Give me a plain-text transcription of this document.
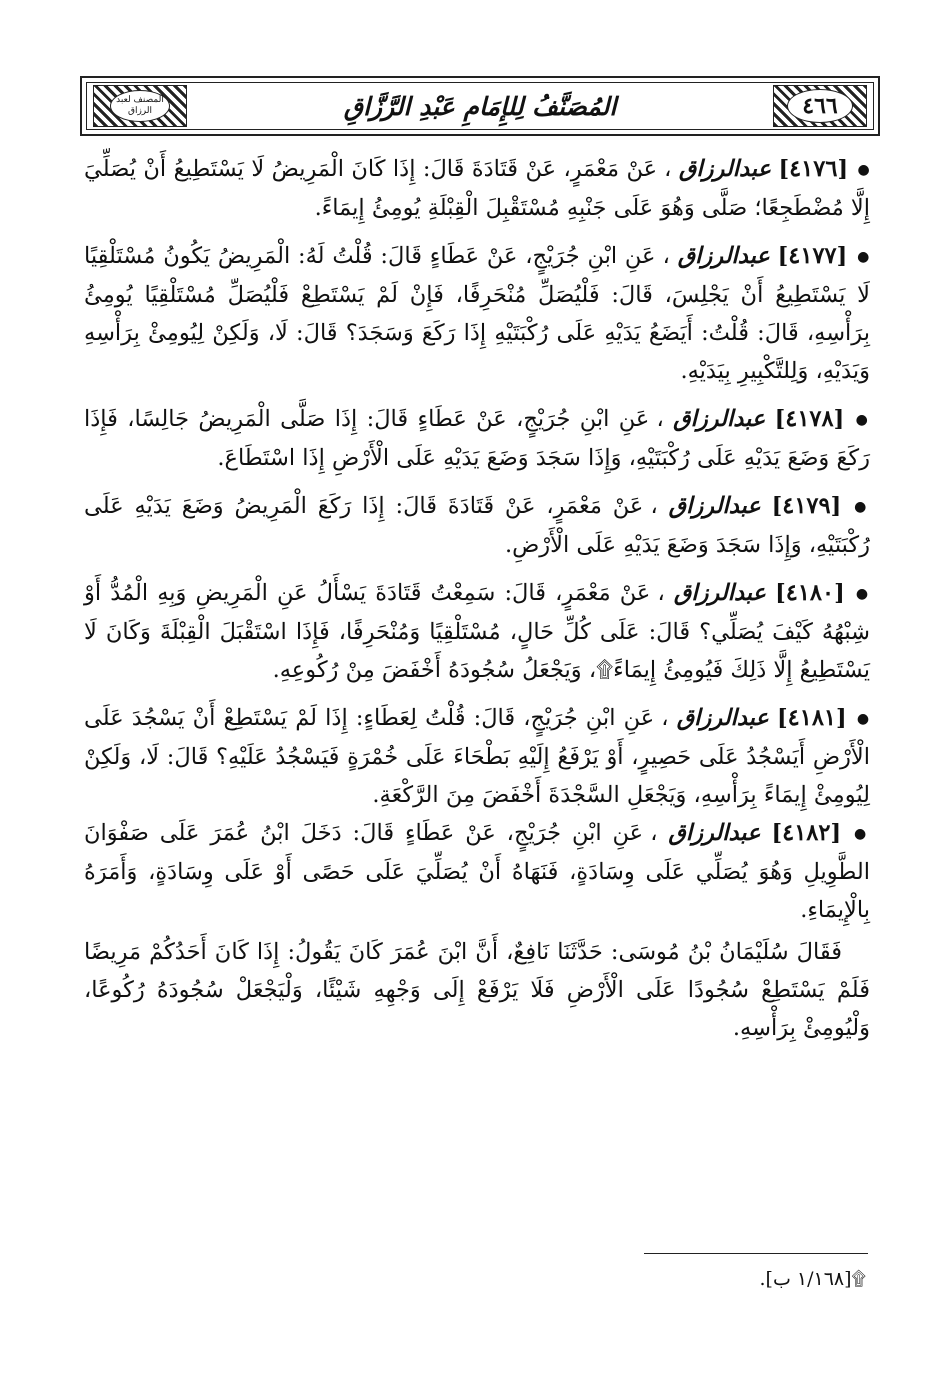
٤٦٦
المُصَنَّفُ لِلإِمَامِ عَبْدِ الرَّزَّاقِ
المصنف لعبد الرزاق

● [٤١٧٦] عبدالرزاق ، عَنْ مَعْمَرٍ، عَنْ قَتَادَةَ قَالَ: إِذَا كَانَ الْمَرِيضُ لَا يَسْتَطِيعُ أَنْ يُصَلِّيَ إِلَّا مُضْطَجِعًا؛ صَلَّى وَهُوَ عَلَى جَنْبِهِ مُسْتَقْبِلَ الْقِبْلَةِ يُومِئُ إِيمَاءً.

● [٤١٧٧] عبدالرزاق ، عَنِ ابْنِ جُرَيْجٍ، عَنْ عَطَاءٍ قَالَ: قُلْتُ لَهُ: الْمَرِيضُ يَكُونُ مُسْتَلْقِيًا لَا يَسْتَطِيعُ أَنْ يَجْلِسَ، قَالَ: فَلْيُصَلِّ مُنْحَرِفًا، فَإِنْ لَمْ يَسْتَطِعْ فَلْيُصَلِّ مُسْتَلْقِيًا يُومِئُ بِرَأْسِهِ، قَالَ: قُلْتُ: أَيَضَعُ يَدَيْهِ عَلَى رُكْبَتَيْهِ إِذَا رَكَعَ وَسَجَدَ؟ قَالَ: لَا، وَلَكِنْ لِيُومِئْ بِرَأْسِهِ وَيَدَيْهِ، وَلِلتَّكْبِيرِ بِيَدَيْهِ.

● [٤١٧٨] عبدالرزاق ، عَنِ ابْنِ جُرَيْجٍ، عَنْ عَطَاءٍ قَالَ: إِذَا صَلَّى الْمَرِيضُ جَالِسًا، فَإِذَا رَكَعَ وَضَعَ يَدَيْهِ عَلَى رُكْبَتَيْهِ، وَإِذَا سَجَدَ وَضَعَ يَدَيْهِ عَلَى الْأَرْضِ إِذَا اسْتَطَاعَ.

● [٤١٧٩] عبدالرزاق ، عَنْ مَعْمَرٍ، عَنْ قَتَادَةَ قَالَ: إِذَا رَكَعَ الْمَرِيضُ وَضَعَ يَدَيْهِ عَلَى رُكْبَتَيْهِ، وَإِذَا سَجَدَ وَضَعَ يَدَيْهِ عَلَى الْأَرْضِ.

● [٤١٨٠] عبدالرزاق ، عَنْ مَعْمَرٍ، قَالَ: سَمِعْتُ قَتَادَةَ يَسْأَلُ عَنِ الْمَرِيضِ وَبِهِ الْمُدُّ أَوْ شِبْهُهُ كَيْفَ يُصَلِّي؟ قَالَ: عَلَى كُلِّ حَالٍ، مُسْتَلْقِيًا وَمُنْحَرِفًا، فَإِذَا اسْتَقْبَلَ الْقِبْلَةَ وَكَانَ لَا يَسْتَطِيعُ إِلَّا ذَلِكَ فَيُومِئُ إِيمَاءً۩، وَيَجْعَلُ سُجُودَهُ أَخْفَضَ مِنْ رُكُوعِهِ.

● [٤١٨١] عبدالرزاق ، عَنِ ابْنِ جُرَيْجٍ، قَالَ: قُلْتُ لِعَطَاءٍ: إِذَا لَمْ يَسْتَطِعْ أَنْ يَسْجُدَ عَلَى الْأَرْضِ أَيَسْجُدُ عَلَى حَصِيرٍ، أَوْ يَرْفَعُ إِلَيْهِ بَطْحَاءَ عَلَى خُمْرَةٍ فَيَسْجُدُ عَلَيْهِ؟ قَالَ: لَا، وَلَكِنْ لِيُومِئْ إِيمَاءً بِرَأْسِهِ، وَيَجْعَلِ السَّجْدَةَ أَخْفَضَ مِنَ الرَّكْعَةِ.

● [٤١٨٢] عبدالرزاق ، عَنِ ابْنِ جُرَيْجٍ، عَنْ عَطَاءٍ قَالَ: دَخَلَ ابْنُ عُمَرَ عَلَى صَفْوَانَ الطَّوِيلِ وَهُوَ يُصَلِّي عَلَى وِسَادَةٍ، فَنَهَاهُ أَنْ يُصَلِّيَ عَلَى حَصًى أَوْ عَلَى وِسَادَةٍ، وَأَمَرَهُ بِالْإِيمَاءِ.

فَقَالَ سُلَيْمَانُ بْنُ مُوسَى: حَدَّثَنَا نَافِعٌ، أَنَّ ابْنَ عُمَرَ كَانَ يَقُولُ: إِذَا كَانَ أَحَدُكُمْ مَرِيضًا فَلَمْ يَسْتَطِعْ سُجُودًا عَلَى الْأَرْضِ فَلَا يَرْفَعْ إِلَى وَجْهِهِ شَيْئًا، وَلْيَجْعَلْ سُجُودَهُ رُكُوعًا، وَلْيُومِئْ بِرَأْسِهِ.

۩[١/١٦٨ ب].
